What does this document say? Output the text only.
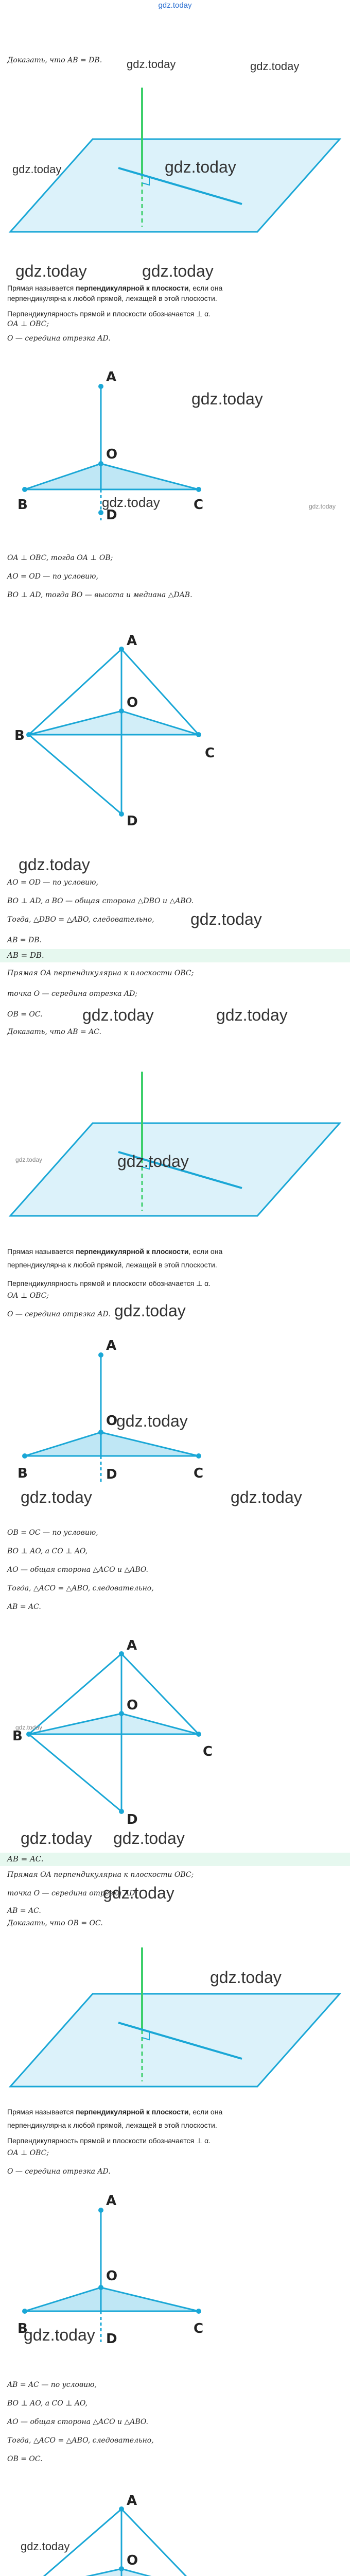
gdz.today
Доказать, что AB = DB. gdz.today	gdz.today
gdz.today	gdz.today
gdz.today	gdz.today
Прямая называется перпендикулярной к плоскости, если она
перпендикулярна к любой прямой, лежащей в этой плоскости.
Перпендикулярность прямой и плоскости обозначается ⊥ α.
OA ⊥ OBC;
O — середина отрезка AD.
A
O
B	C
D
gdz.today
gdz.today	gdz.today
OA ⊥ OBC, тогда OA ⊥ OB;
AO = OD — по условию,
BO ⊥ AD, тогда BO — высота и медиана △DAB.
A
O
B
C
D
gdz.today
AO = OD — по условию,
BO ⊥ AD, а BO — общая сторона △DBO и △ABO.
Тогда, △DBO = △ABO, следовательно, gdz.today
AB = DB.
AB = DB.
Прямая OA перпендикулярна к плоскости OBC;
точка O — середина отрезка AD;
OB = OC. gdz.today	gdz.today
Доказать, что AB = AC.
gdz.today
gdz.today
Прямая называется перпендикулярной к плоскости, если она
перпендикулярна к любой прямой, лежащей в этой плоскости.
Перпендикулярность прямой и плоскости обозначается ⊥ α.
OA ⊥ OBC;
O — середина отрезка AD. gdz.today
A
O
B	C
D
gdz.today
gdz.today	gdz.today
OB = OC — по условию,
BO ⊥ AO, а CO ⊥ AO,
AO — общая сторона △ACO и △ABO.
Тогда, △ACO = △ABO, следовательно,
AB = AC.
A
O
B
C
D
gdz.today
gdz.today gdz.today
AB = AC.
Прямая OA перпендикулярна к плоскости OBC;
точка O — середина отрезка AD;
gdz.today
AB = AC.
Доказать, что OB = OC.
gdz.today
Прямая называется перпендикулярной к плоскости, если она
перпендикулярна к любой прямой, лежащей в этой плоскости.
Перпендикулярность прямой и плоскости обозначается ⊥ α.
OA ⊥ OBC;
O — середина отрезка AD.
A
O
B	C
D
gdz.today
AB = AC — по условию,
BO ⊥ AO, а CO ⊥ AO,
AO — общая сторона △ACO и △ABO.
Тогда, △ACO = △ABO, следовательно,
OB = OC.
A
O
gdz.today
